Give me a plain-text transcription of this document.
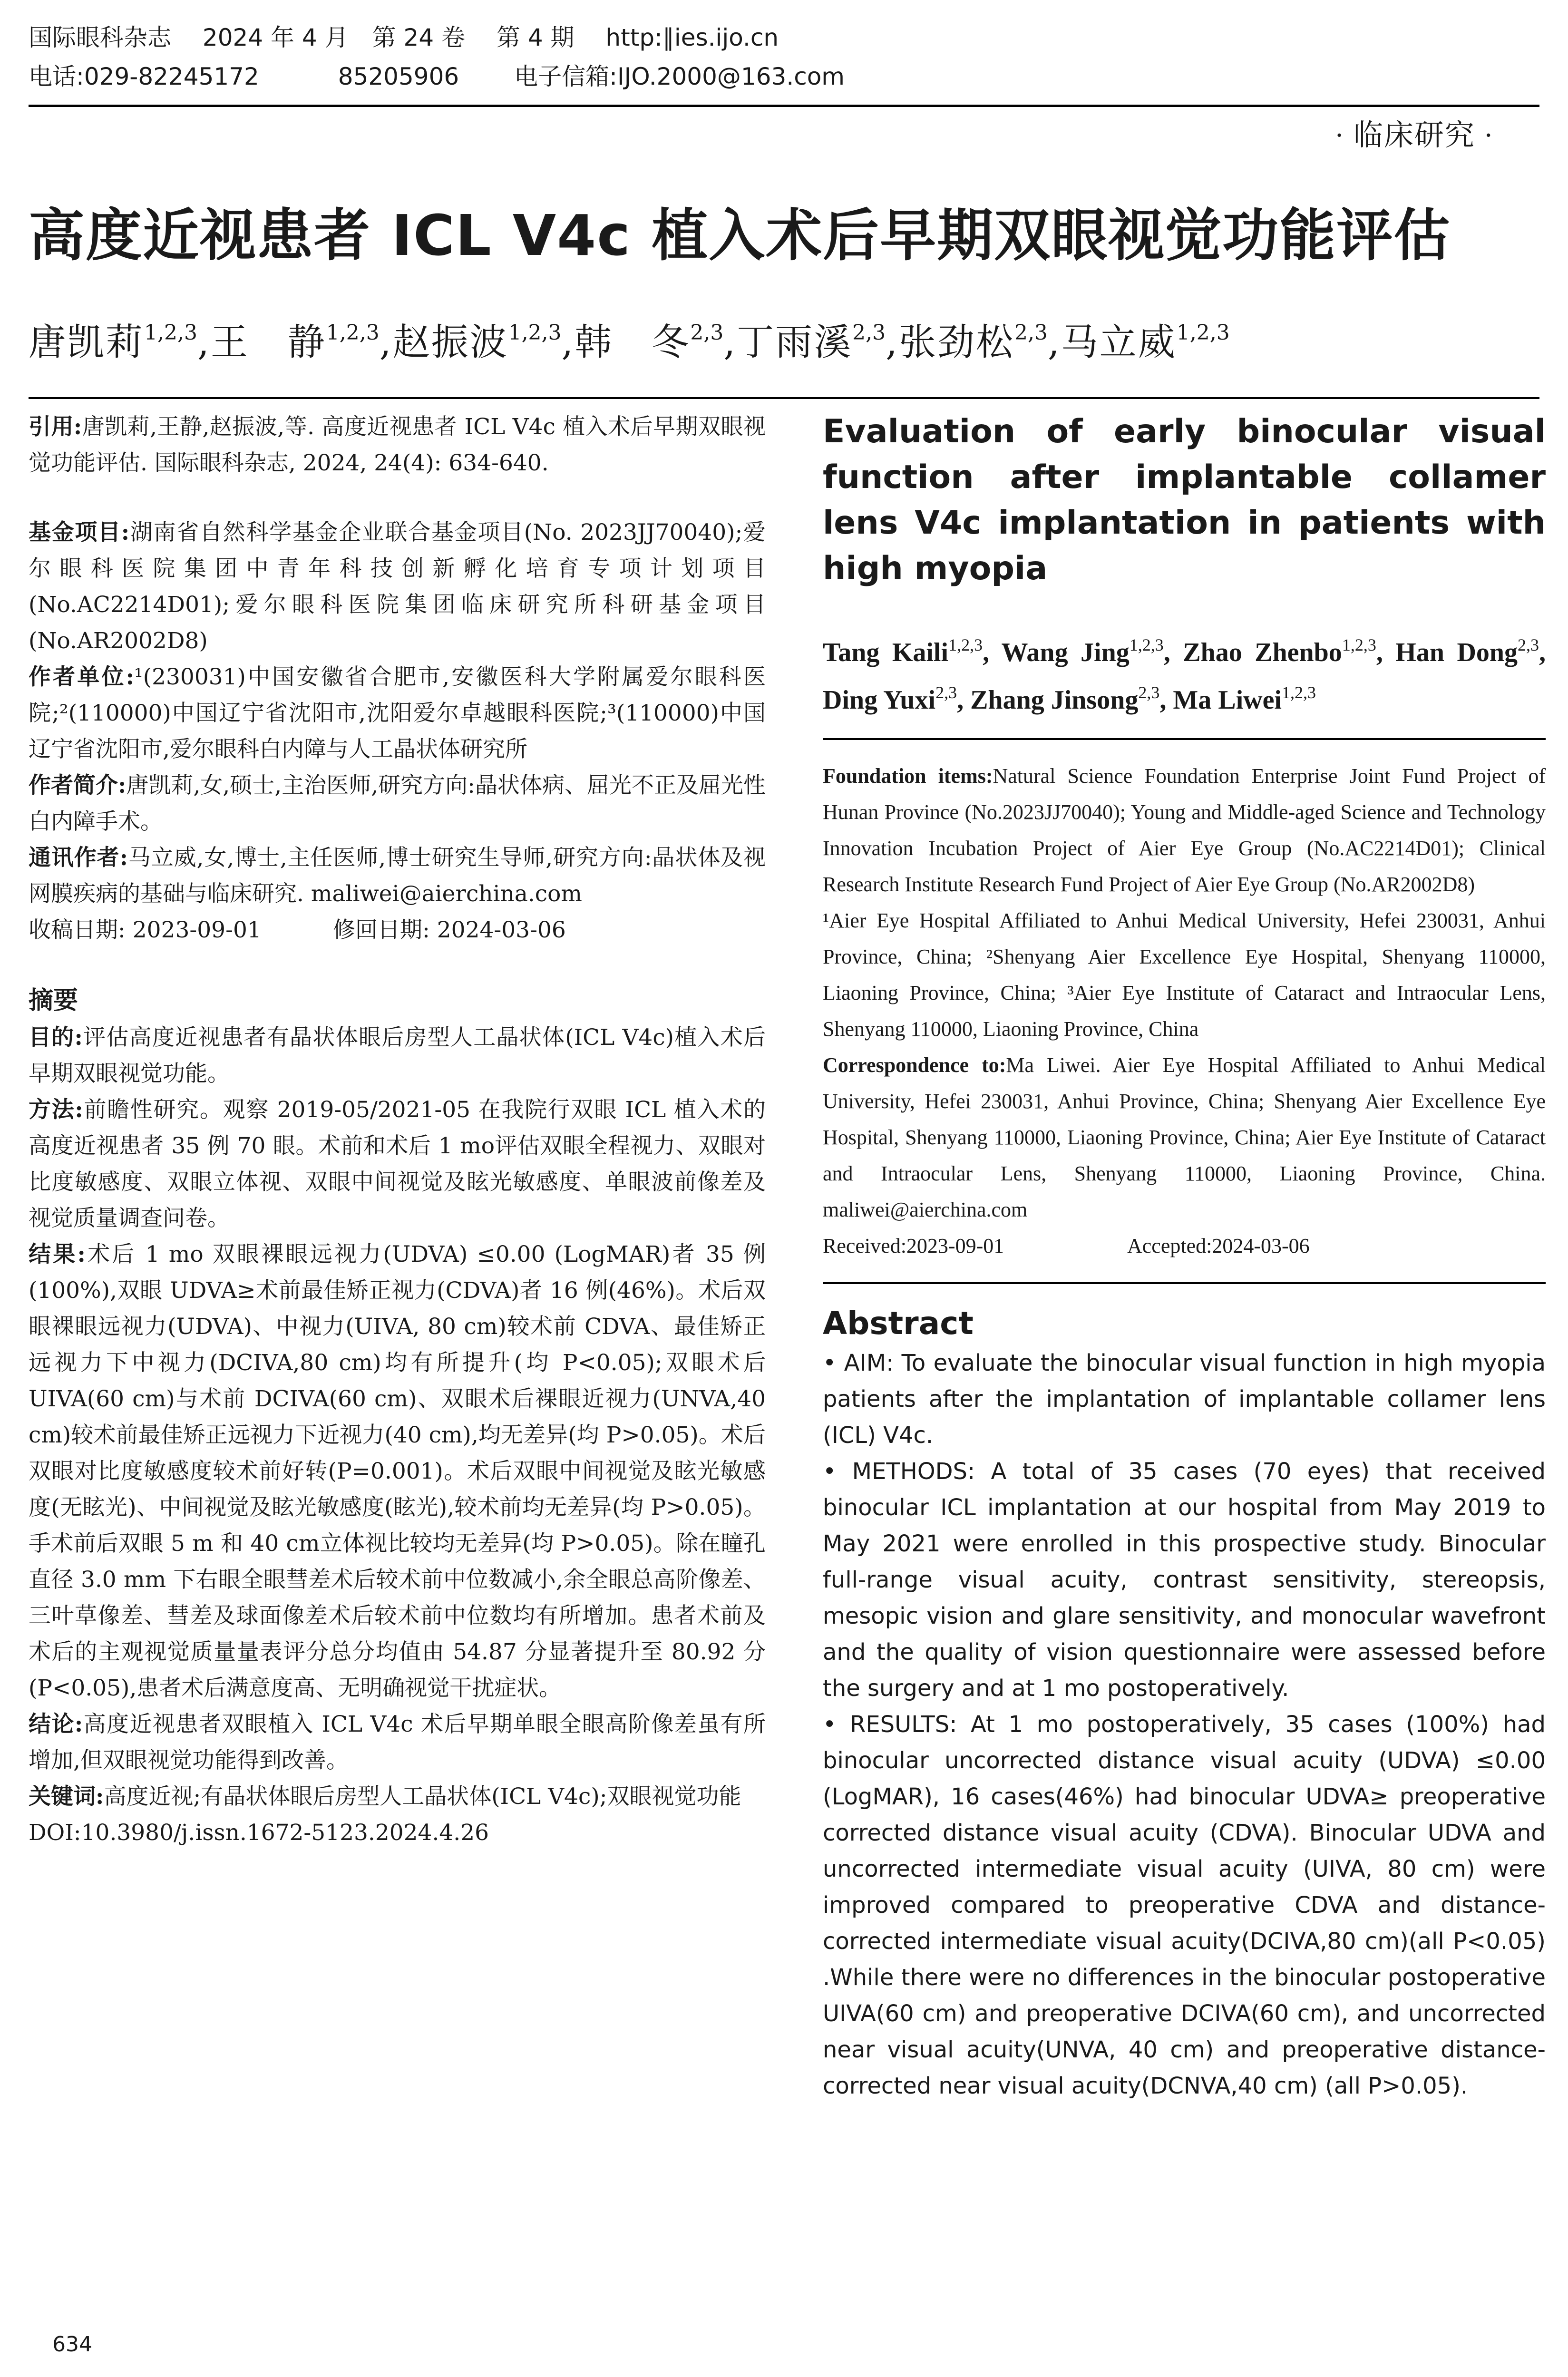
国际眼科杂志　 2024 年 4 月　第 24 卷　 第 4 期　 http:∥ies.ijo.cn
电话:029-82245172　　　 85205906　　 电子信箱:IJO.2000@163.com
· 临床研究 ·
高度近视患者 ICL V4c 植入术后早期双眼视觉功能评估
唐凯莉$^{1,2,3}$,王　静$^{1,2,3}$,赵振波$^{1,2,3}$,韩　冬$^{2,3}$,丁雨溪$^{2,3}$,张劲松$^{2,3}$,马立威$^{1,2,3}$

引用:唐凯莉,王静,赵振波,等. 高度近视患者 ICL V4c 植入术后早期双眼视觉功能评估. 国际眼科杂志, 2024, 24(4): 634-640.

基金项目:湖南省自然科学基金企业联合基金项目(No. 2023JJ70040);爱尔眼科医院集团中青年科技创新孵化培育专项计划项目(No.AC2214D01);爱尔眼科医院集团临床研究所科研基金项目(No.AR2002D8)

作者单位:¹(230031)中国安徽省合肥市,安徽医科大学附属爱尔眼科医院;²(110000)中国辽宁省沈阳市,沈阳爱尔卓越眼科医院;³(110000)中国辽宁省沈阳市,爱尔眼科白内障与人工晶状体研究所

作者简介:唐凯莉,女,硕士,主治医师,研究方向:晶状体病、屈光不正及屈光性白内障手术。

通讯作者:马立威,女,博士,主任医师,博士研究生导师,研究方向:晶状体及视网膜疾病的基础与临床研究. maliwei@aierchina.com

收稿日期: 2023-09-01	修回日期: 2024-03-06

摘要

目的:评估高度近视患者有晶状体眼后房型人工晶状体(ICL V4c)植入术后早期双眼视觉功能。

方法:前瞻性研究。观察 2019-05/2021-05 在我院行双眼 ICL 植入术的高度近视患者 35 例 70 眼。术前和术后 1 mo评估双眼全程视力、双眼对比度敏感度、双眼立体视、双眼中间视觉及眩光敏感度、单眼波前像差及视觉质量调查问卷。

结果:术后 1 mo 双眼裸眼远视力(UDVA) ≤0.00 (LogMAR)者 35 例(100%),双眼 UDVA≥术前最佳矫正视力(CDVA)者 16 例(46%)。术后双眼裸眼远视力(UDVA)、中视力(UIVA, 80 cm)较术前 CDVA、最佳矫正远视力下中视力(DCIVA,80 cm)均有所提升(均 P<0.05);双眼术后 UIVA(60 cm)与术前 DCIVA(60 cm)、双眼术后裸眼近视力(UNVA,40 cm)较术前最佳矫正远视力下近视力(40 cm),均无差异(均 P>0.05)。术后双眼对比度敏感度较术前好转(P=0.001)。术后双眼中间视觉及眩光敏感度(无眩光)、中间视觉及眩光敏感度(眩光),较术前均无差异(均 P>0.05)。手术前后双眼 5 m 和 40 cm立体视比较均无差异(均 P>0.05)。除在瞳孔直径 3.0 mm 下右眼全眼彗差术后较术前中位数减小,余全眼总高阶像差、三叶草像差、彗差及球面像差术后较术前中位数均有所增加。患者术前及术后的主观视觉质量量表评分总分均值由 54.87 分显著提升至 80.92 分(P<0.05),患者术后满意度高、无明确视觉干扰症状。

结论:高度近视患者双眼植入 ICL V4c 术后早期单眼全眼高阶像差虽有所增加,但双眼视觉功能得到改善。

关键词:高度近视;有晶状体眼后房型人工晶状体(ICL V4c);双眼视觉功能

DOI:10.3980/j.issn.1672-5123.2024.4.26

Evaluation of early binocular visual function after implantable collamer lens V4c implantation in patients with high myopia

Tang Kaili$^{1,2,3}$, Wang Jing$^{1,2,3}$, Zhao Zhenbo$^{1,2,3}$, Han Dong$^{2,3}$, Ding Yuxi$^{2,3}$, Zhang Jinsong$^{2,3}$, Ma Liwei$^{1,2,3}$

Foundation items:Natural Science Foundation Enterprise Joint Fund Project of Hunan Province (No.2023JJ70040); Young and Middle-aged Science and Technology Innovation Incubation Project of Aier Eye Group (No.AC2214D01); Clinical Research Institute Research Fund Project of Aier Eye Group (No.AR2002D8)

¹Aier Eye Hospital Affiliated to Anhui Medical University, Hefei 230031, Anhui Province, China; ²Shenyang Aier Excellence Eye Hospital, Shenyang 110000, Liaoning Province, China; ³Aier Eye Institute of Cataract and Intraocular Lens, Shenyang 110000, Liaoning Province, China

Correspondence to:Ma Liwei. Aier Eye Hospital Affiliated to Anhui Medical University, Hefei 230031, Anhui Province, China; Shenyang Aier Excellence Eye Hospital, Shenyang 110000, Liaoning Province, China; Aier Eye Institute of Cataract and Intraocular Lens, Shenyang 110000, Liaoning Province, China. maliwei@aierchina.com

Received:2023-09-01	Accepted:2024-03-06

Abstract

• AIM: To evaluate the binocular visual function in high myopia patients after the implantation of implantable collamer lens (ICL) V4c.

• METHODS: A total of 35 cases (70 eyes) that received binocular ICL implantation at our hospital from May 2019 to May 2021 were enrolled in this prospective study. Binocular full-range visual acuity, contrast sensitivity, stereopsis, mesopic vision and glare sensitivity, and monocular wavefront and the quality of vision questionnaire were assessed before the surgery and at 1 mo postoperatively.

• RESULTS: At 1 mo postoperatively, 35 cases (100%) had binocular uncorrected distance visual acuity (UDVA) ≤0.00 (LogMAR), 16 cases(46%) had binocular UDVA≥ preoperative corrected distance visual acuity (CDVA). Binocular UDVA and uncorrected intermediate visual acuity (UIVA, 80 cm) were improved compared to preoperative CDVA and distance-corrected intermediate visual acuity(DCIVA,80 cm)(all P<0.05) .While there were no differences in the binocular postoperative UIVA(60 cm) and preoperative DCIVA(60 cm), and uncorrected near visual acuity(UNVA, 40 cm) and preoperative distance-corrected near visual acuity(DCNVA,40 cm) (all P>0.05).

634
